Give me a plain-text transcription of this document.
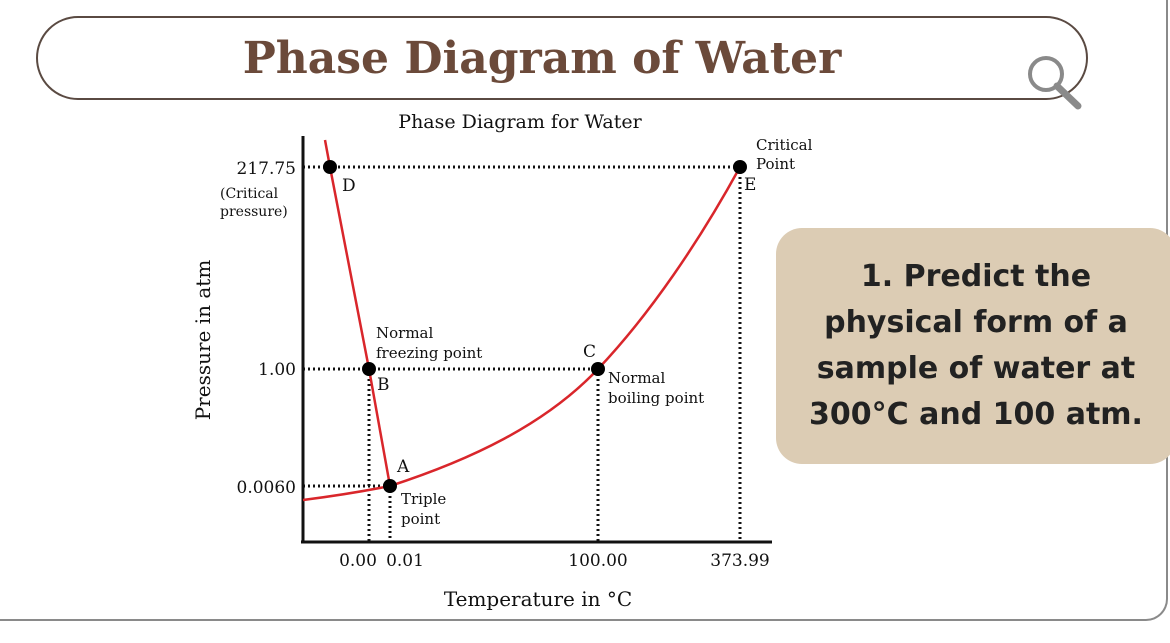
Phase Diagram of Water
Phase Diagram for Water
A
B
C
D	E
Triple
point
Normal
freezing point
Normal
boiling point
Critical
Point
217.75
(Critical
pressure)
1.00
0.0060
0.00 0.01	100.00	373.99
Temperature in °C
Pressure in atm	1. Predict the physical form of a sample of water at 300°C and 100 atm.
